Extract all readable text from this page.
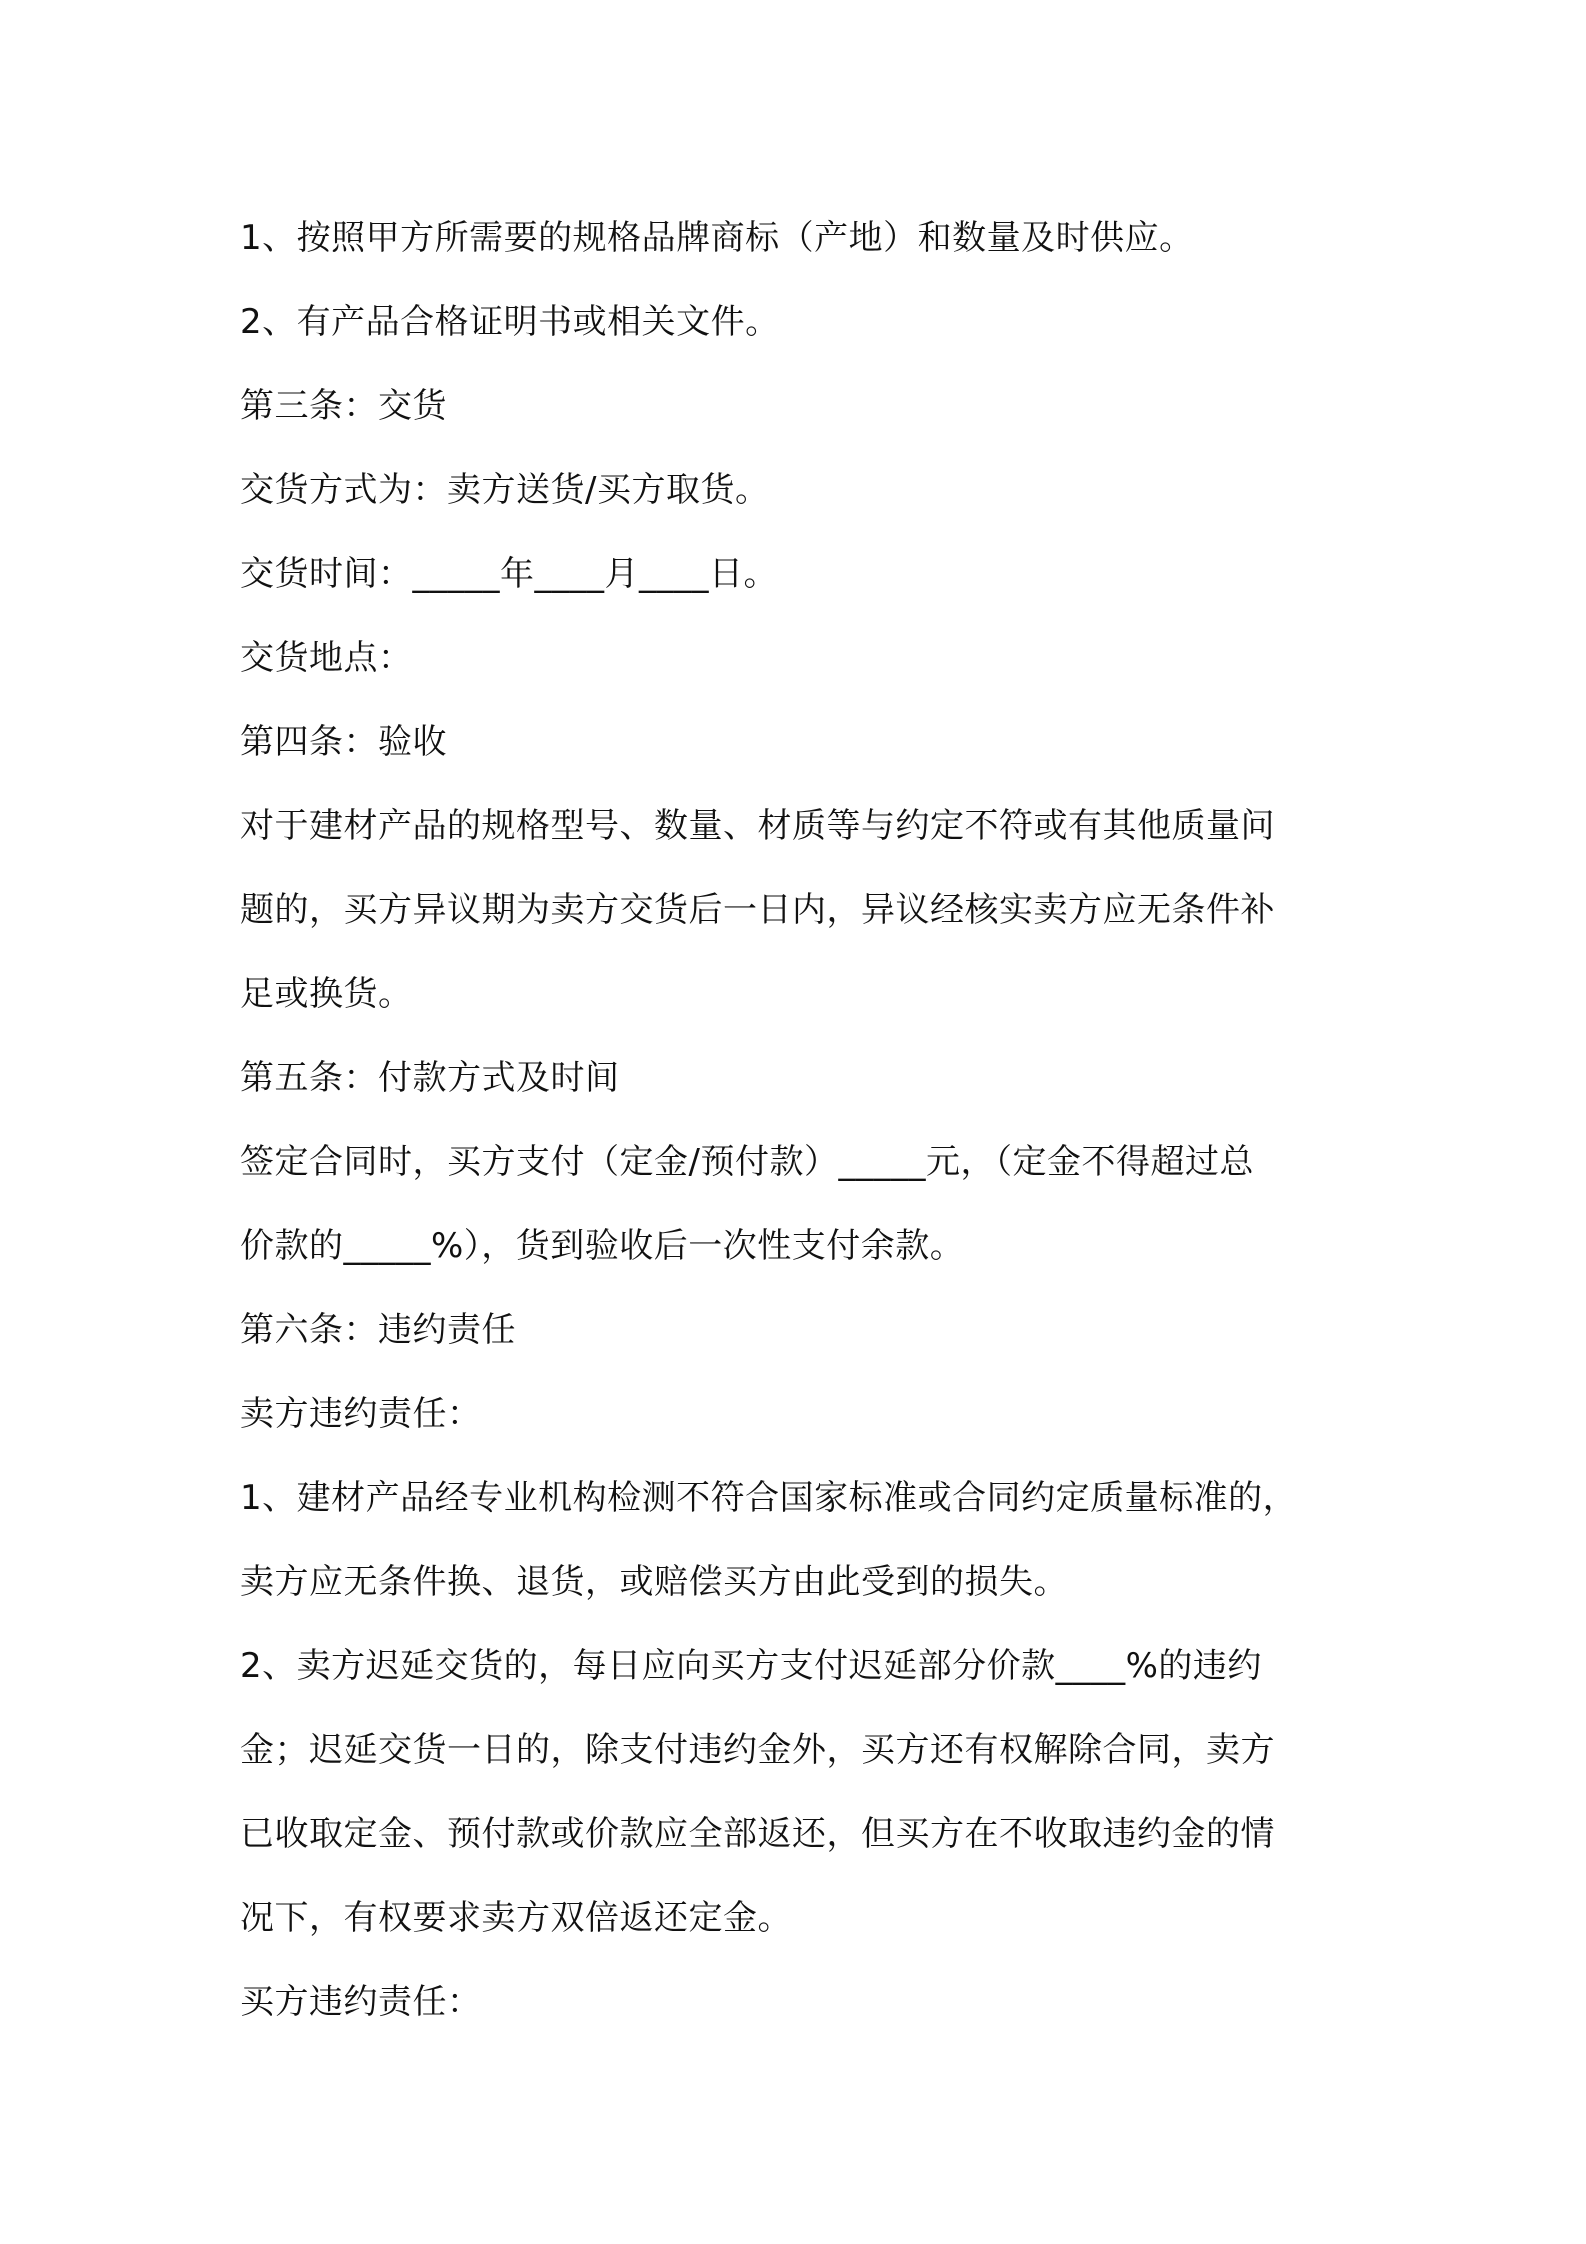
1、按照甲方所需要的规格品牌商标（产地）和数量及时供应。
2、有产品合格证明书或相关文件。
第三条：交货
交货方式为：卖方送货/买方取货。
交货时间：_____年____月____日。
交货地点：
第四条：验收
对于建材产品的规格型号、数量、材质等与约定不符或有其他质量问
题的，买方异议期为卖方交货后一日内，异议经核实卖方应无条件补
足或换货。
第五条：付款方式及时间
签定合同时，买方支付（定金/预付款）_____元，（定金不得超过总
价款的_____%），货到验收后一次性支付余款。
第六条：违约责任
卖方违约责任：
1、建材产品经专业机构检测不符合国家标准或合同约定质量标准的，
卖方应无条件换、退货，或赔偿买方由此受到的损失。
2、卖方迟延交货的，每日应向买方支付迟延部分价款____%的违约
金；迟延交货一日的，除支付违约金外，买方还有权解除合同，卖方
已收取定金、预付款或价款应全部返还，但买方在不收取违约金的情
况下，有权要求卖方双倍返还定金。
买方违约责任：
